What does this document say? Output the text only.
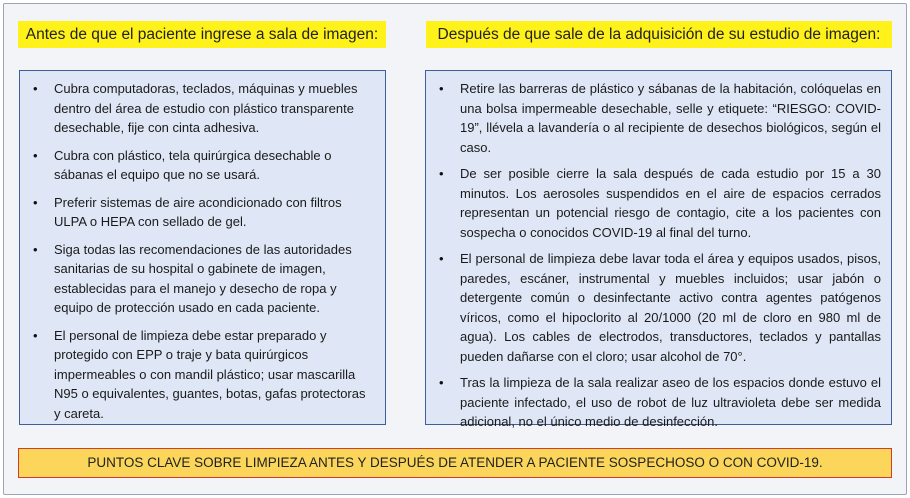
Antes de que el paciente ingrese a sala de imagen:	Después de que sale de la adquisición de su estudio de imagen:
• Cubra computadoras, teclados, máquinas y muebles dentro del área de estudio con plástico transparente desechable, fije con cinta adhesiva.
• Cubra con plástico, tela quirúrgica desechable o sábanas el equipo que no se usará.
• Preferir sistemas de aire acondicionado con filtros ULPA o HEPA con sellado de gel.
• Siga todas las recomendaciones de las autoridades sanitarias de su hospital o gabinete de imagen, establecidas para el manejo y desecho de ropa y equipo de protección usado en cada paciente.
• El personal de limpieza debe estar preparado y protegido con EPP o traje y bata quirúrgicos impermeables o con mandil plástico; usar mascarilla N95 o equivalentes, guantes, botas, gafas protectoras y careta.
• Retire las barreras de plástico y sábanas de la habitación, colóquelas en una bolsa impermeable desechable, selle y etiquete: “RIESGO: COVID-19”, llévela a lavandería o al recipiente de desechos biológicos, según el caso.
• De ser posible cierre la sala después de cada estudio por 15 a 30 minutos. Los aerosoles suspendidos en el aire de espacios cerrados representan un potencial riesgo de contagio, cite a los pacientes con sospecha o conocidos COVID-19 al final del turno.
• El personal de limpieza debe lavar toda el área y equipos usados, pisos, paredes, escáner, instrumental y muebles incluidos; usar jabón o detergente común o desinfectante activo contra agentes patógenos víricos, como el hipoclorito al 20/1000 (20 ml de cloro en 980 ml de agua). Los cables de electrodos, transductores, teclados y pantallas pueden dañarse con el cloro; usar alcohol de 70°.
• Tras la limpieza de la sala realizar aseo de los espacios donde estuvo el paciente infectado, el uso de robot de luz ultravioleta debe ser medida adicional, no el único medio de desinfección.
PUNTOS CLAVE SOBRE LIMPIEZA ANTES Y DESPUÉS DE ATENDER A PACIENTE SOSPECHOSO O CON COVID-19.
